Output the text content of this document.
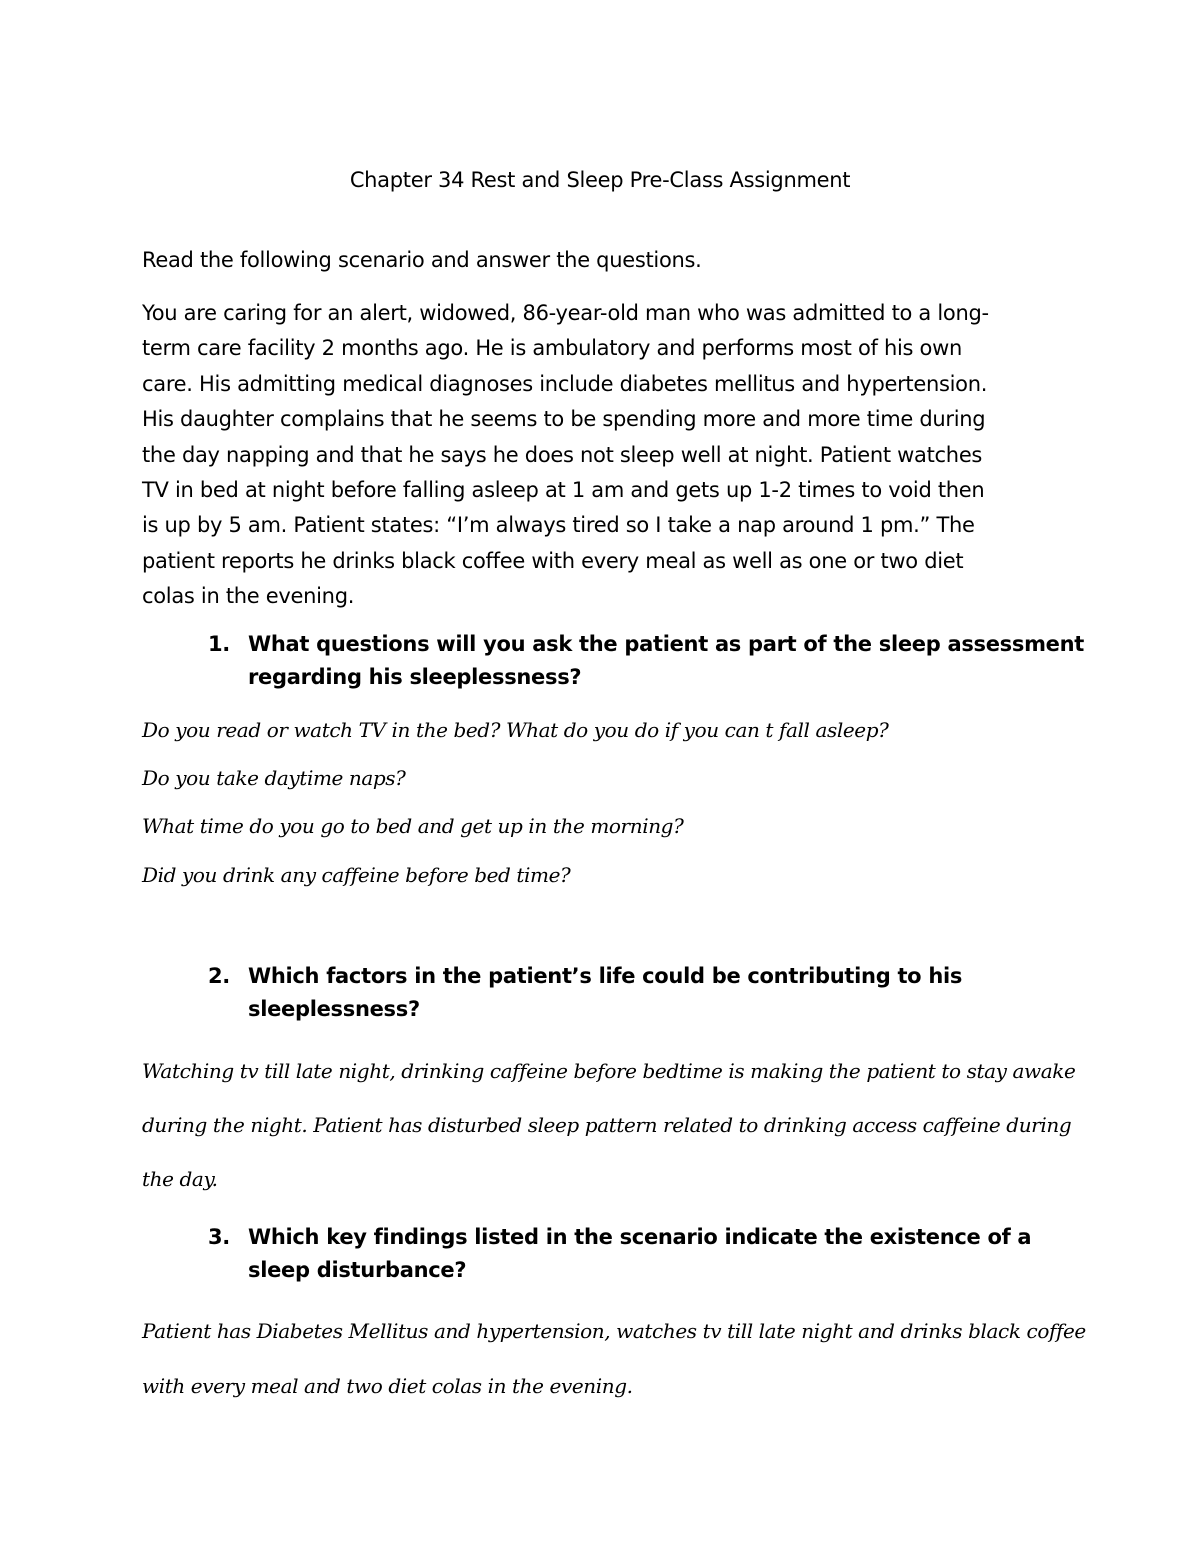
Chapter 34 Rest and Sleep Pre-Class Assignment
Read the following scenario and answer the questions.
You are caring for an alert, widowed, 86-year-old man who was admitted to a long-
term care facility 2 months ago. He is ambulatory and performs most of his own
care. His admitting medical diagnoses include diabetes mellitus and hypertension.
His daughter complains that he seems to be spending more and more time during
the day napping and that he says he does not sleep well at night. Patient watches
TV in bed at night before falling asleep at 1 am and gets up 1-2 times to void then
is up by 5 am. Patient states: “I’m always tired so I take a nap around 1 pm.” The
patient reports he drinks black coffee with every meal as well as one or two diet
colas in the evening.
1. What questions will you ask the patient as part of the sleep assessment
regarding his sleeplessness?
Do you read or watch TV in the bed? What do you do if you can t fall asleep?
Do you take daytime naps?
What time do you go to bed and get up in the morning?
Did you drink any caffeine before bed time?
2. Which factors in the patient’s life could be contributing to his
sleeplessness?
Watching tv till late night, drinking caffeine before bedtime is making the patient to stay awake
during the night. Patient has disturbed sleep pattern related to drinking access caffeine during
the day.
3. Which key findings listed in the scenario indicate the existence of a
sleep disturbance?
Patient has Diabetes Mellitus and hypertension, watches tv till late night and drinks black coffee
with every meal and two diet colas in the evening.
